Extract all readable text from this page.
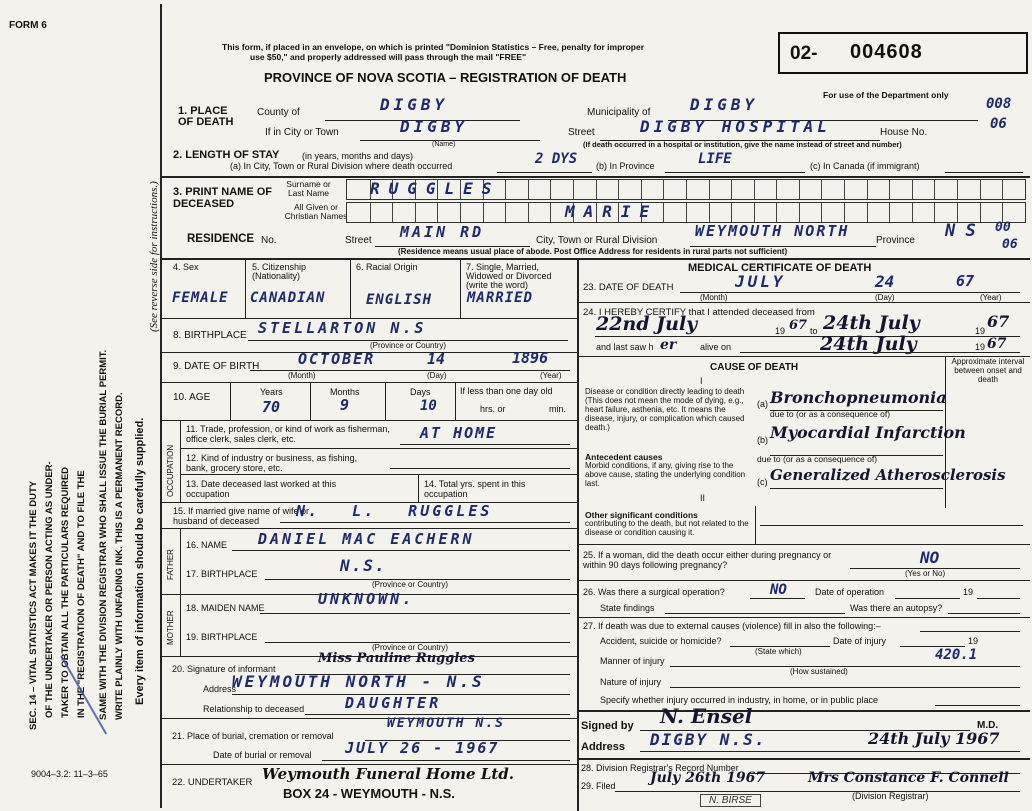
FORM 6
This form, if placed in an envelope, on which is printed "Dominion Statistics – Free, penalty for improper
use $50," and properly addressed will pass through the mail "FREE"
PROVINCE OF NOVA SCOTIA – REGISTRATION OF DEATH
02- 004608
For use of the Department only
SEC. 14 – VITAL STATISTICS ACT MAKES IT THE DUTY OF THE UNDERTAKER OR PERSON ACTING AS UNDER- TAKER TO OBTAIN ALL THE PARTICULARS REQUIRED IN THE "REGISTRATION OF DEATH" AND TO FILE THE SAME WITH THE DIVISION REGISTRAR WHO SHALL ISSUE THE BURIAL PERMIT. WRITE PLAINLY WITH UNFADING INK. THIS IS A PERMANENT RECORD. Every item of information should be carefully supplied.
(See reverse side for instructions.)
1. PLACE OF DEATH
County of	DIGBY	Municipality of DIGBY	008
If in City or Town	DIGBY
(Name)
Street	DIGBY HOSPITAL	House No.
06
(If death occurred in a hospital or institution, give the name instead of street and number)
2. LENGTH OF STAY	(in years, months and days)
(a) In City, Town or Rural Division where death occurred	2 DYS (b) In Province	LIFE	(c) In Canada (if immigrant)
3. PRINT NAME OF DECEASED
Surname or Last Name
All Given or Christian Names
RUGGLES
MARIE
RESIDENCE No.	Street MAIN RD	City, Town or Rural Division
WEYMOUTH NORTH
Province N S 00
06
(Residence means usual place of abode. Post Office Address for residents in rural parts not sufficient)
4. Sex	5. Citizenship (Nationality)
6. Racial Origin	7. Single, Married, Widowed or Divorced (write the word)
FEMALE CANADIAN	ENGLISH MARRIED
8. BIRTHPLACE STELLARTON N.S
(Province or Country)
9. DATE OF BIRTH	OCTOBER	14	1896
(Month)	(Day)	(Year)
10. AGE	Years	Months	Days
70	9	10
If less than one day old
hrs. or	min.
OCCUPATION
11. Trade, profession, or kind of work as fisherman, office clerk, sales clerk, etc.	AT HOME
12. Kind of industry or business, as fishing, bank, grocery store, etc.
13. Date deceased last worked at this occupation
14. Total yrs. spent in this occupation
15. If married give name of wife or husband of deceased
N. L. RUGGLES
FATHER
16. NAME DANIEL MAC EACHERN
17. BIRTHPLACE	N.S.
(Province or Country)
MOTHER
18. MAIDEN NAME	UNKNOWN.
19. BIRTHPLACE
(Province or Country)
20. Signature of informant
Miss Pauline Ruggles
Address
WEYMOUTH NORTH - N.S
Relationship to deceased	DAUGHTER
21. Place of burial, cremation or removal
WEYMOUTH N.S
Date of burial or removal JULY 26 - 1967
22. UNDERTAKER Weymouth Funeral Home Ltd.
BOX 24 - WEYMOUTH - N.S.
9004–3.2: 11–3–65
MEDICAL CERTIFICATE OF DEATH
23. DATE OF DEATH	JULY	24	67
(Month)	(Day)	(Year)
24. I HEREBY CERTIFY that I attended deceased from
22nd July	19 67 to 24th July	19 67
and last saw h er	alive on	24th July	19 67
CAUSE OF DEATH
Approximate interval between onset and death
I
Disease or condition directly leading to death (This does not mean the mode of dying, e.g., heart failure, asthenia, etc. It means the disease, injury, or complication which caused death.)
(a) Bronchopneumonia
due to (or as a consequence of)
(b) Myocardial Infarction
Antecedent causes
Morbid conditions, if any, giving rise to the above cause, stating the underlying condition last.
due to (or as a consequence of)
(c) Generalized Atherosclerosis
II
Other significant conditions
contributing to the death, but not related to the disease or condition causing it.
25. If a woman, did the death occur either during pregnancy or within 90 days following pregnancy?	NO
(Yes or No)
26. Was there a surgical operation?	NO	Date of operation	19
State findings	Was there an autopsy?
27. If death was due to external causes (violence) fill in also the following:–
Accident, suicide or homicide?
(State which)
Date of injury	19
420.1
Manner of injury
(How sustained)
Nature of injury
Specify whether injury occurred in industry, in home, or in public place
Signed by N. Ensel	M.D.
Address DIGBY N.S.	24th July 1967
28. Division Registrar's Record Number
29. Filed July 26th 1967	Mrs Constance F. Connell
(Division Registrar)
N. BIRSE
